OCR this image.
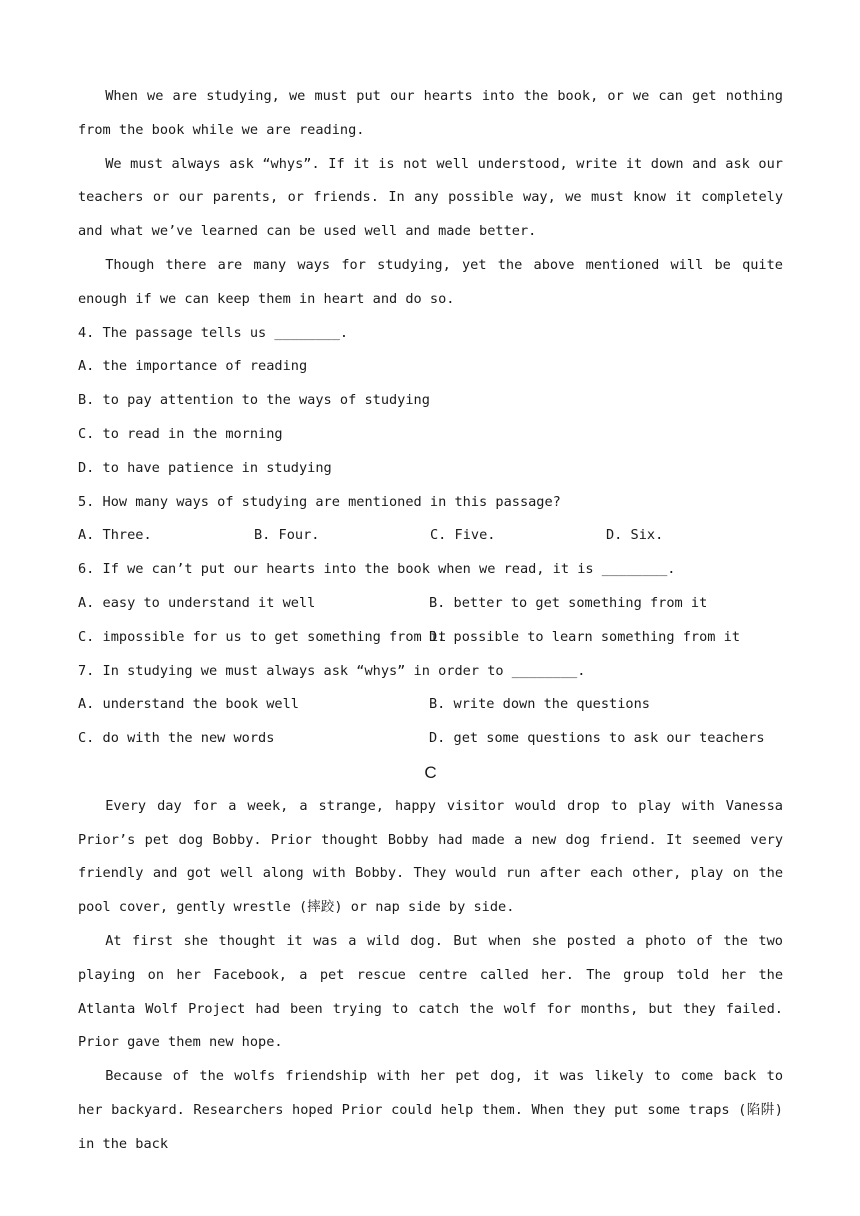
When we are studying, we must put our hearts into the book, or we can get nothing from the book while we are reading.

We must always ask “whys”. If it is not well understood, write it down and ask our teachers or our parents, or friends. In any possible way, we must know it completely and what we’ve learned can be used well and made better.

Though there are many ways for studying, yet the above mentioned will be quite enough if we can keep them in heart and do so.

4. The passage tells us ________.

A. the importance of reading

B. to pay attention to the ways of studying

C. to read in the morning

D. to have patience in studying

5. How many ways of studying are mentioned in this passage?

A. Three.	B. Four.	C. Five.	D. Six.

6. If we can’t put our hearts into the book when we read, it is ________.

A. easy to understand it well	B. better to get something from it
C. impossible for us to get something from it
D. possible to learn something from it

7. In studying we must always ask “whys” in order to ________.

A. understand the book well	B. write down the questions
C. do with the new words	D. get some questions to ask our teachers

C

Every day for a week, a strange, happy visitor would drop to play with Vanessa Prior’s pet dog Bobby. Prior thought Bobby had made a new dog friend. It seemed very friendly and got well along with Bobby. They would run after each other, play on the pool cover, gently wrestle (摔跤) or nap side by side.

At first she thought it was a wild dog. But when she posted a photo of the two playing on her Facebook, a pet rescue centre called her. The group told her the Atlanta Wolf Project had been trying to catch the wolf for months, but they failed. Prior gave them new hope.

Because of the wolfs friendship with her pet dog, it was likely to come back to her backyard. Researchers hoped Prior could help them. When they put some traps (陷阱) in the back
